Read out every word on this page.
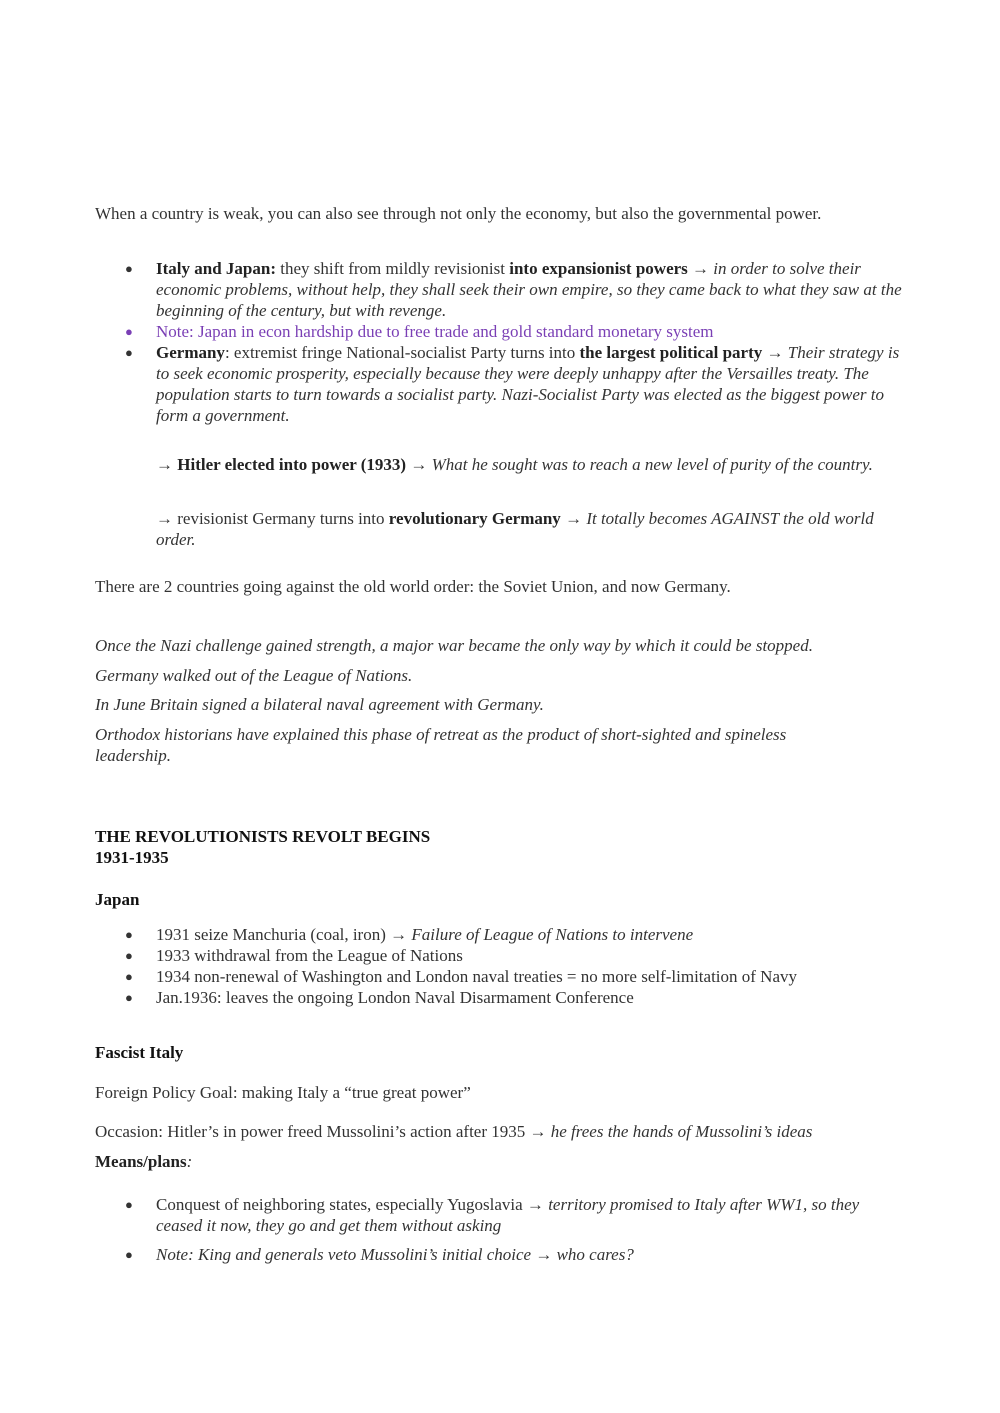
When a country is weak, you can also see through not only the economy, but also the governmental power.

● Italy and Japan: they shift from mildly revisionist into expansionist powers → in order to solve their economic problems, without help, they shall seek their own empire, so they came back to what they saw at the beginning of the century, but with revenge.
● Note: Japan in econ hardship due to free trade and gold standard monetary system
● Germany: extremist fringe National-socialist Party turns into the largest political party → Their strategy is to seek economic prosperity, especially because they were deeply unhappy after the Versailles treaty. The population starts to turn towards a socialist party. Nazi-Socialist Party was elected as the biggest power to form a government.

→ Hitler elected into power (1933) → What he sought was to reach a new level of purity of the country.

→ revisionist Germany turns into revolutionary Germany → It totally becomes AGAINST the old world order.

There are 2 countries going against the old world order: the Soviet Union, and now Germany.

Once the Nazi challenge gained strength, a major war became the only way by which it could be stopped.

Germany walked out of the League of Nations.

In June Britain signed a bilateral naval agreement with Germany.

Orthodox historians have explained this phase of retreat as the product of short-sighted and spineless leadership.

THE REVOLUTIONISTS REVOLT BEGINS

1931-1935

Japan

● 1931 seize Manchuria (coal, iron) → Failure of League of Nations to intervene
● 1933 withdrawal from the League of Nations
● 1934 non-renewal of Washington and London naval treaties = no more self-limitation of Navy
● Jan.1936: leaves the ongoing London Naval Disarmament Conference

Fascist Italy

Foreign Policy Goal: making Italy a “true great power”

Occasion: Hitler’s in power freed Mussolini’s action after 1935 → he frees the hands of Mussolini’s ideas

Means/plans:

● Conquest of neighboring states, especially Yugoslavia → territory promised to Italy after WW1, so they ceased it now, they go and get them without asking
● Note: King and generals veto Mussolini’s initial choice → who cares?
